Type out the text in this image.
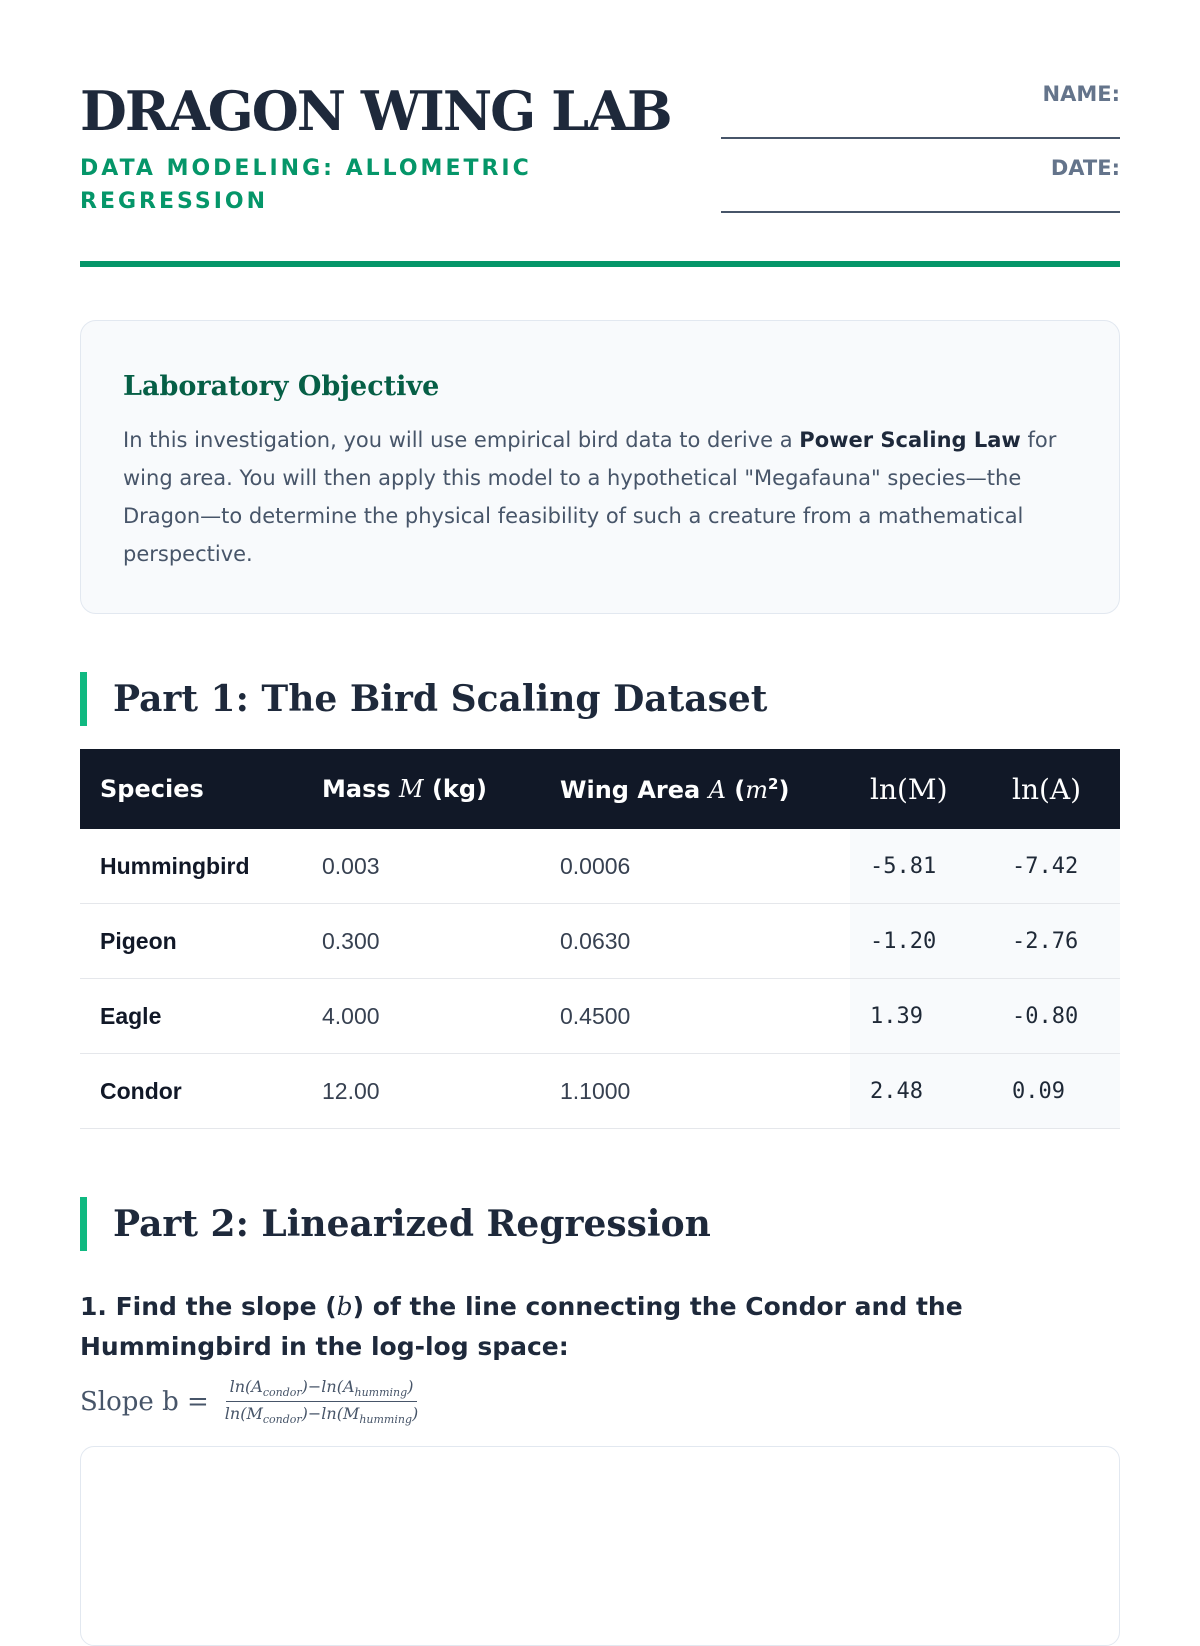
DRAGON WING LAB

DATA MODELING: ALLOMETRIC REGRESSION

NAME:

DATE:

Laboratory Objective

In this investigation, you will use empirical bird data to derive a Power Scaling Law for wing area. You will then apply this model to a hypothetical "Megafauna" species—the Dragon—to determine the physical feasibility of such a creature from a mathematical perspective.

Part 1: The Bird Scaling Dataset
Species	Mass M (kg)	Wing Area A $(m^2)$	ln(M)	ln(A)
Hummingbird	0.003	0.0006	-5.81	-7.42
Pigeon	0.300	0.0630	-1.20	-2.76
Eagle	4.000	0.4500	1.39	-0.80
Condor	12.00	1.1000	2.48	0.09
Part 2: Linearized Regression

1. Find the slope (b) of the line connecting the Condor and the Hummingbird in the log-log space:

Slope $b = \frac{\ln(A_{condor})-\ln(A_{humming})}{\ln(M_{condor})-\ln(M_{humming})}$
